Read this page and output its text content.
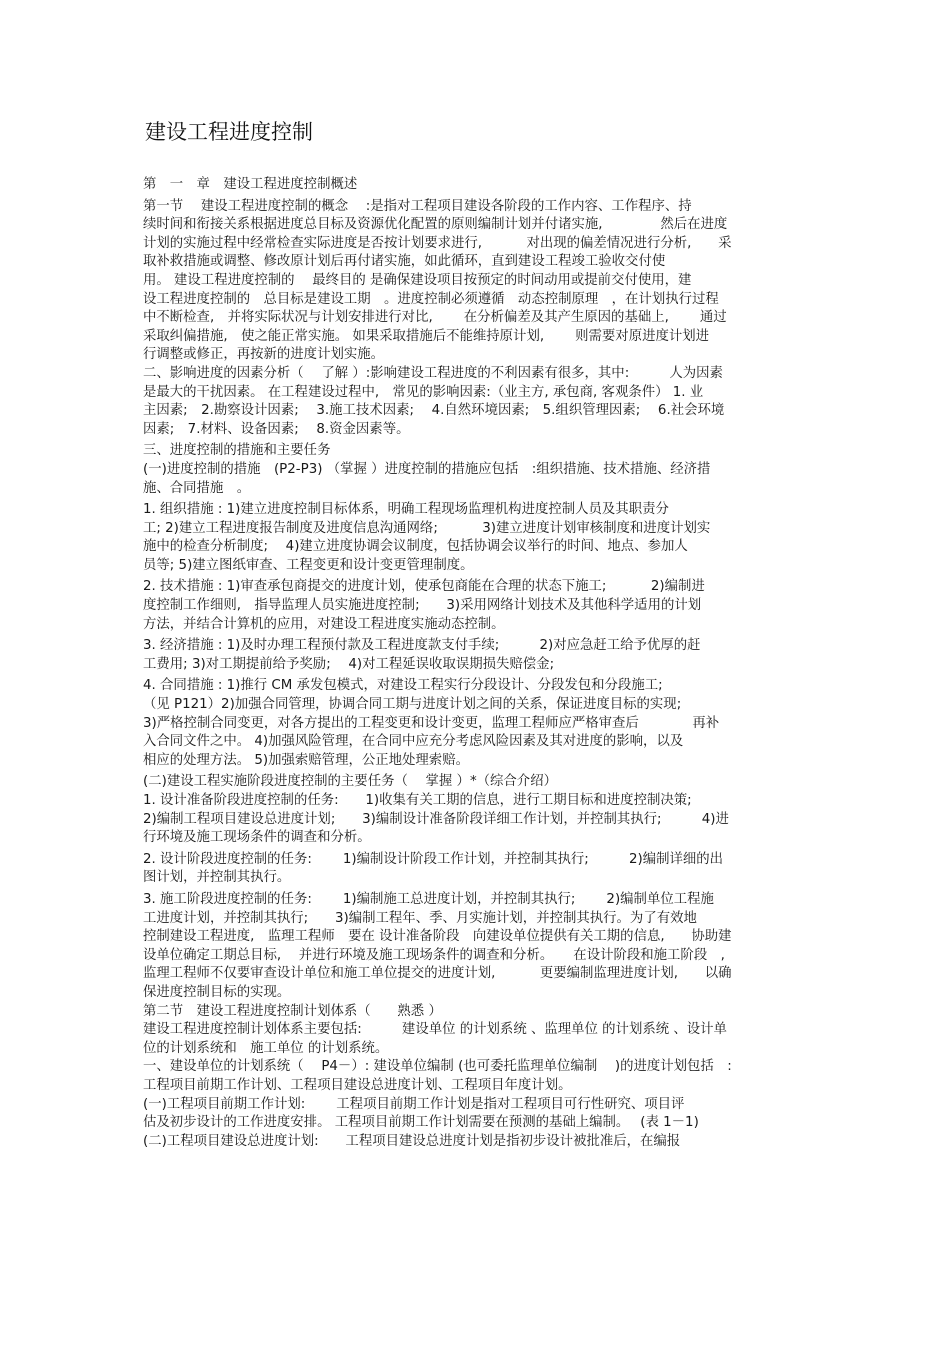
建设工程进度控制
第　一　章　建设工程进度控制概述
第一节　 建设工程进度控制的概念　 :是指对工程项目建设各阶段的工作内容、工作程序、持
续时间和衔接关系根据进度总目标及资源优化配置的原则编制计划并付诸实施,　　　　 然后在进度
计划的实施过程中经常检查实际进度是否按计划要求进行,　　　 对出现的偏差情况进行分析,　　采
取补救措施或调整、修改原计划后再付诸实施，如此循环，直到建设工程竣工验收交付使
用。 建设工程进度控制的　 最终目的 是确保建设项目按预定的时间动用或提前交付使用，建
设工程进度控制的　总目标是建设工期　。进度控制必须遵循　动态控制原理　，在计划执行过程
中不断检查,　并将实际状况与计划安排进行对比,　　 在分析偏差及其产生原因的基础上,　　 通过
采取纠偏措施,　使之能正常实施。 如果采取措施后不能维持原计划,　　 则需要对原进度计划进
行调整或修正，再按新的进度计划实施。
二、影响进度的因素分析（　 了解 ）:影响建设工程进度的不利因素有很多，其中:　　　人为因素
是最大的干扰因素。 在工程建设过程中,　常见的影响因素:（业主方, 承包商, 客观条件） 1. 业
主因素;　2.勘察设计因素;　 3.施工技术因素;　 4.自然环境因素;　5.组织管理因素;　 6.社会环境
因素;　7.材料、设备因素;　 8.资金因素等。
三、进度控制的措施和主要任务
(一)进度控制的措施　(P2-P3) （掌握 ）进度控制的措施应包括　:组织措施、技术措施、经济措
施、合同措施　。
1. 组织措施 : 1)建立进度控制目标体系，明确工程现场监理机构进度控制人员及其职责分
工; 2)建立工程进度报告制度及进度信息沟通网络;　　　 3)建立进度计划审核制度和进度计划实
施中的检查分析制度;　 4)建立进度协调会议制度，包括协调会议举行的时间、地点、参加人
员等; 5)建立图纸审查、工程变更和设计变更管理制度。
2. 技术措施 : 1)审查承包商提交的进度计划，使承包商能在合理的状态下施工;　　　 2)编制进
度控制工作细则,　指导监理人员实施进度控制;　　3)采用网络计划技术及其他科学适用的计划
方法，并结合计算机的应用，对建设工程进度实施动态控制。
3. 经济措施 : 1)及时办理工程预付款及工程进度款支付手续;　　　2)对应急赶工给予优厚的赶
工费用; 3)对工期提前给予奖励;　 4)对工程延误收取误期损失赔偿金;
4. 合同措施 : 1)推行 CM 承发包模式，对建设工程实行分段设计、分段发包和分段施工;
（见 P121）2)加强合同管理，协调合同工期与进度计划之间的关系，保证进度目标的实现;
3)严格控制合同变更，对各方提出的工程变更和设计变更，监理工程师应严格审查后　　　　再补
入合同文件之中。 4)加强风险管理，在合同中应充分考虑风险因素及其对进度的影响，以及
相应的处理方法。 5)加强索赔管理，公正地处理索赔。
(二)建设工程实施阶段进度控制的主要任务（　 掌握 ）*（综合介绍）
1. 设计准备阶段进度控制的任务:　　1)收集有关工期的信息，进行工期目标和进度控制决策;
2)编制工程项目建设总进度计划;　　3)编制设计准备阶段详细工作计划，并控制其执行;　　　4)进
行环境及施工现场条件的调查和分析。
2. 设计阶段进度控制的任务:　　 1)编制设计阶段工作计划，并控制其执行;　　　2)编制详细的出
图计划，并控制其执行。
3. 施工阶段进度控制的任务:　　 1)编制施工总进度计划，并控制其执行;　　 2)编制单位工程施
工进度计划，并控制其执行;　　3)编制工程年、季、月实施计划，并控制其执行。为了有效地
控制建设工程进度,　监理工程师　要在 设计准备阶段　向建设单位提供有关工期的信息,　　协助建
设单位确定工期总目标,　 并进行环境及施工现场条件的调查和分析。　　在设计阶段和施工阶段　,
监理工程师不仅要审查设计单位和施工单位提交的进度计划,　　　 更要编制监理进度计划,　　以确
保进度控制目标的实现。
第二节　建设工程进度控制计划体系（　　熟悉 ）
建设工程进度控制计划体系主要包括:　　　建设单位 的计划系统 、监理单位 的计划系统 、设计单
位的计划系统和　施工单位 的计划系统。
一、建设单位的计划系统（　 P4－）: 建设单位编制 (也可委托监理单位编制　 )的进度计划包括　:
工程项目前期工作计划、工程项目建设总进度计划、工程项目年度计划。
(一)工程项目前期工作计划:　　 工程项目前期工作计划是指对工程项目可行性研究、项目评
估及初步设计的工作进度安排。 工程项目前期工作计划需要在预测的基础上编制。　 (表 1－1)
(二)工程项目建设总进度计划:　　工程项目建设总进度计划是指初步设计被批准后，在编报
